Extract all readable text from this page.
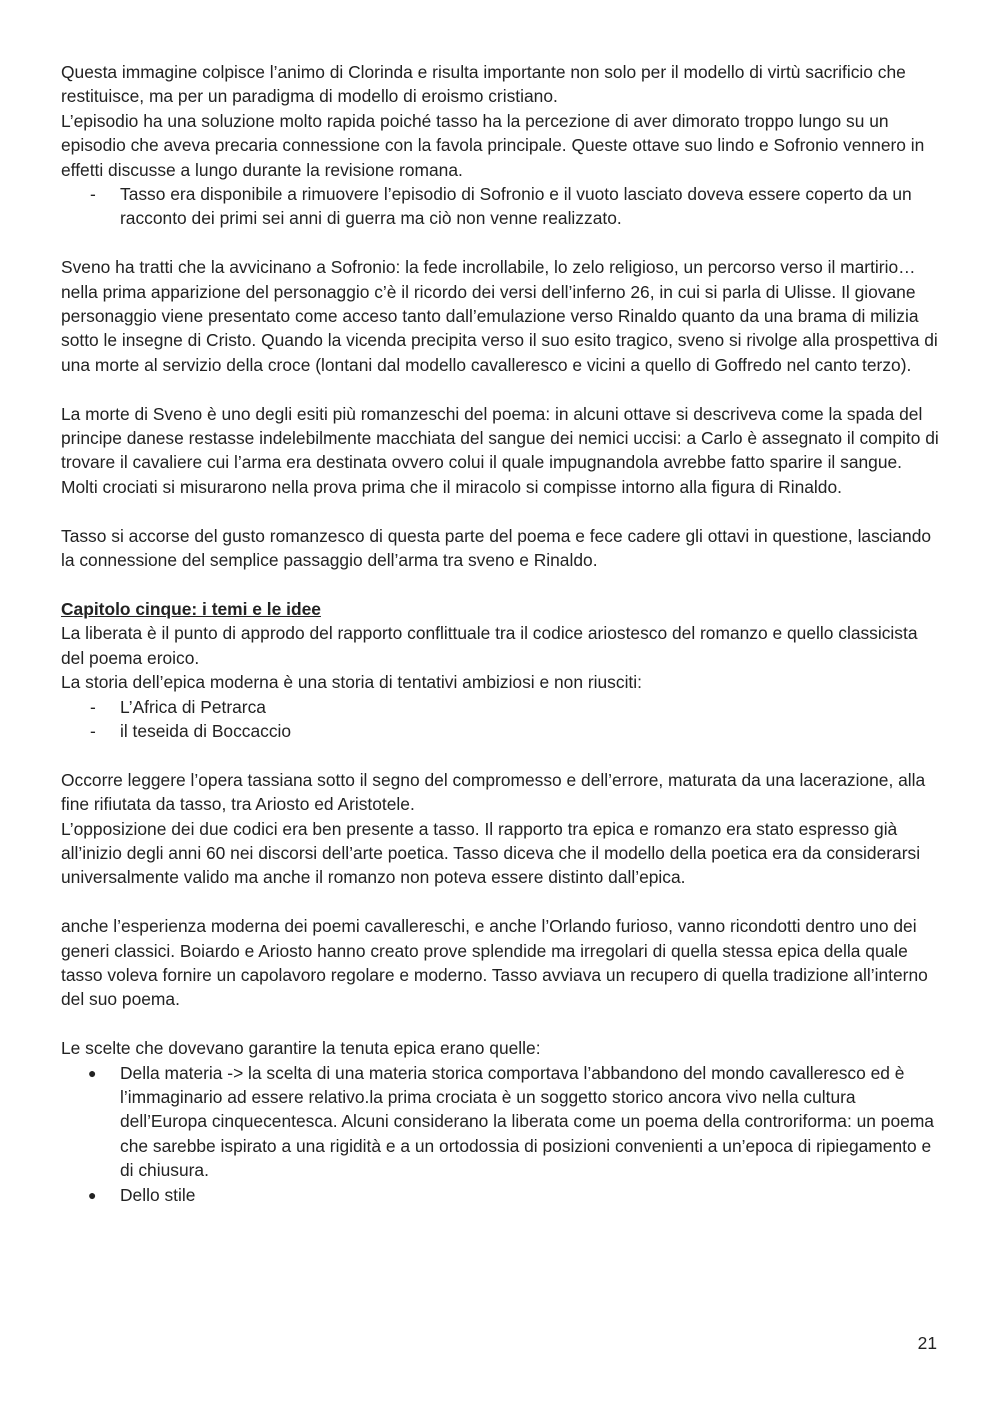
Questa immagine colpisce l’animo di Clorinda e risulta importante non solo per il modello di virtù sacrificio che restituisce, ma per un paradigma di modello di eroismo cristiano.

L’episodio ha una soluzione molto rapida poiché tasso ha la percezione di aver dimorato troppo lungo su un episodio che aveva precaria connessione con la favola principale. Queste ottave suo lindo e Sofronio vennero in effetti discusse a lungo durante la revisione romana.

- Tasso era disponibile a rimuovere l’episodio di Sofronio e il vuoto lasciato doveva essere coperto da un racconto dei primi sei anni di guerra ma ciò non venne realizzato.

Sveno ha tratti che la avvicinano a Sofronio: la fede incrollabile, lo zelo religioso, un percorso verso il martirio…

nella prima apparizione del personaggio c’è il ricordo dei versi dell’inferno 26, in cui si parla di Ulisse. Il giovane personaggio viene presentato come acceso tanto dall’emulazione verso Rinaldo quanto da una brama di milizia sotto le insegne di Cristo. Quando la vicenda precipita verso il suo esito tragico, sveno si rivolge alla prospettiva di una morte al servizio della croce (lontani dal modello cavalleresco e vicini a quello di Goffredo nel canto terzo).

La morte di Sveno è uno degli esiti più romanzeschi del poema: in alcuni ottave si descriveva come la spada del principe danese restasse indelebilmente macchiata del sangue dei nemici uccisi: a Carlo è assegnato il compito di trovare il cavaliere cui l’arma era destinata ovvero colui il quale impugnandola avrebbe fatto sparire il sangue. Molti crociati si misurarono nella prova prima che il miracolo si compisse intorno alla figura di Rinaldo.

Tasso si accorse del gusto romanzesco di questa parte del poema e fece cadere gli ottavi in questione, lasciando la connessione del semplice passaggio dell’arma tra sveno e Rinaldo.

Capitolo cinque: i temi e le idee

La liberata è il punto di approdo del rapporto conflittuale tra il codice ariostesco del romanzo e quello classicista del poema eroico.

La storia dell’epica moderna è una storia di tentativi ambiziosi e non riusciti:

- L’Africa di Petrarca
- il teseida di Boccaccio

Occorre leggere l’opera tassiana sotto il segno del compromesso e dell’errore, maturata da una lacerazione, alla fine rifiutata da tasso, tra Ariosto ed Aristotele.

L’opposizione dei due codici era ben presente a tasso. Il rapporto tra epica e romanzo era stato espresso già all’inizio degli anni 60 nei discorsi dell’arte poetica. Tasso diceva che il modello della poetica era da considerarsi universalmente valido ma anche il romanzo non poteva essere distinto dall’epica.

anche l’esperienza moderna dei poemi cavallereschi, e anche l’Orlando furioso, vanno ricondotti dentro uno dei generi classici. Boiardo e Ariosto hanno creato prove splendide ma irregolari di quella stessa epica della quale tasso voleva fornire un capolavoro regolare e moderno. Tasso avviava un recupero di quella tradizione all’interno del suo poema.

Le scelte che dovevano garantire la tenuta epica erano quelle:

● Della materia -> la scelta di una materia storica comportava l’abbandono del mondo cavalleresco ed è l’immaginario ad essere relativo.la prima crociata è un soggetto storico ancora vivo nella cultura dell’Europa cinquecentesca. Alcuni considerano la liberata come un poema della controriforma: un poema che sarebbe ispirato a una rigidità e a un ortodossia di posizioni convenienti a un’epoca di ripiegamento e di chiusura.
● Dello stile
21
